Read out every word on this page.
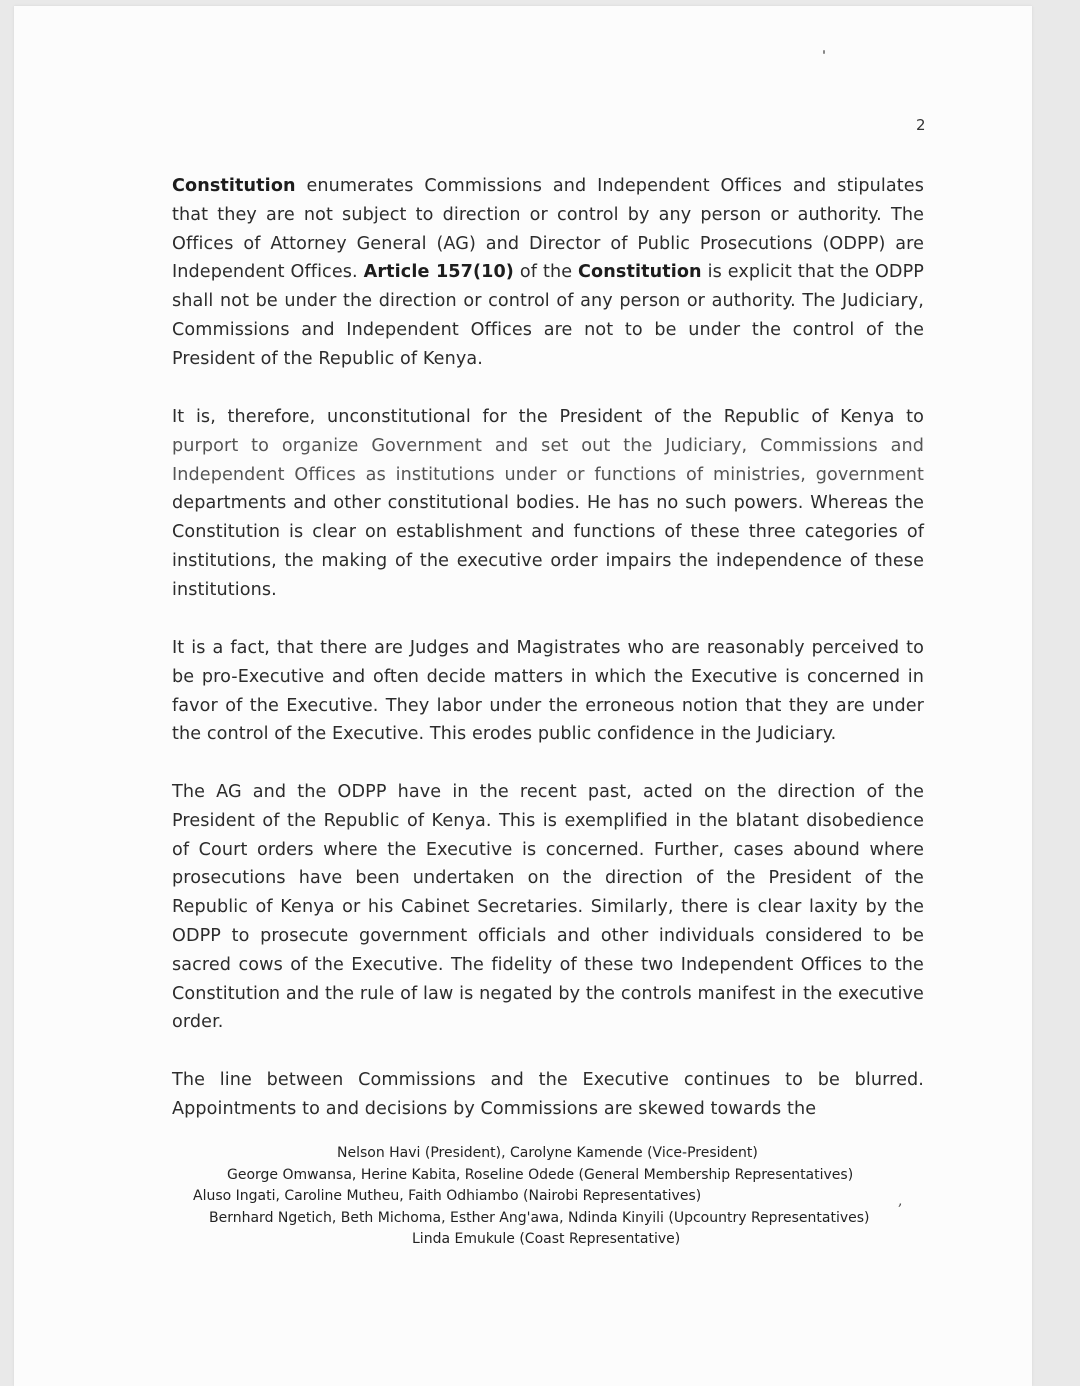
2

Constitution enumerates Commissions and Independent Offices and stipulates that they are not subject to direction or control by any person or authority. The Offices of Attorney General (AG) and Director of Public Prosecutions (ODPP) are Independent Offices. Article 157(10) of the Constitution is explicit that the ODPP shall not be under the direction or control of any person or authority. The Judiciary, Commissions and Independent Offices are not to be under the control of the President of the Republic of Kenya.

It is, therefore, unconstitutional for the President of the Republic of Kenya to purport to organize Government and set out the Judiciary, Commissions and Independent Offices as institutions under or functions of ministries, government departments and other constitutional bodies. He has no such powers. Whereas the Constitution is clear on establishment and functions of these three categories of institutions, the making of the executive order impairs the independence of these institutions.

It is a fact, that there are Judges and Magistrates who are reasonably perceived to be pro-Executive and often decide matters in which the Executive is concerned in favor of the Executive. They labor under the erroneous notion that they are under the control of the Executive. This erodes public confidence in the Judiciary.

The AG and the ODPP have in the recent past, acted on the direction of the President of the Republic of Kenya. This is exemplified in the blatant disobedience of Court orders where the Executive is concerned. Further, cases abound where prosecutions have been undertaken on the direction of the President of the Republic of Kenya or his Cabinet Secretaries. Similarly, there is clear laxity by the ODPP to prosecute government officials and other individuals considered to be sacred cows of the Executive. The fidelity of these two Independent Offices to the Constitution and the rule of law is negated by the controls manifest in the executive order.

The line between Commissions and the Executive continues to be blurred. Appointments to and decisions by Commissions are skewed towards the

Nelson Havi (President), Carolyne Kamende (Vice-President)
George Omwansa, Herine Kabita, Roseline Odede (General Membership Representatives)
Aluso Ingati, Caroline Mutheu, Faith Odhiambo (Nairobi Representatives)
Bernhard Ngetich, Beth Michoma, Esther Ang'awa, Ndinda Kinyili (Upcountry Representatives)
Linda Emukule (Coast Representative)
,
